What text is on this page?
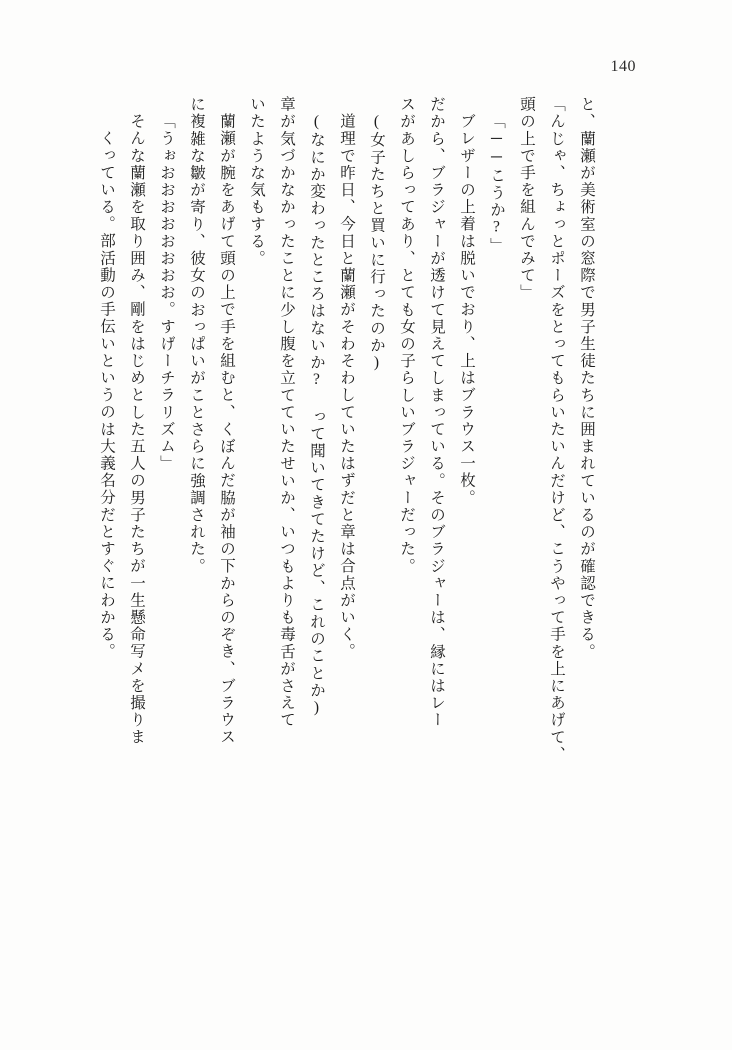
140
くっている。部活動の手伝いというのは大義名分だとすぐにわかる。 そんな蘭瀬を取り囲み、剛をはじめとした五人の男子たちが一生懸命写メを撮りま 「うぉおおおおおおおお。すげーチラリズム」 に複雑な皺が寄り、彼女のおっぱいがことさらに強調された。 蘭瀬が腕をあげて頭の上で手を組むと、くぼんだ脇が袖の下からのぞき、ブラウス いたような気もする。 章が気づかなかったことに少し腹を立てていたせいか、いつもよりも毒舌がさえて (なにか変わったところはないか? って聞いてきてたけど、これのことか) 道理で昨日、今日と蘭瀬がそわそわしていたはずだと章は合点がいく。 (女子たちと買いに行ったのか) スがあしらってあり、とても女の子らしいブラジャーだった。 だから、ブラジャーが透けて見えてしまっている。そのブラジャーは、縁にはレー ブレザーの上着は脱いでおり、上はブラウス一枚。 「──こうか?」 頭の上で手を組んでみて」 「んじゃ、ちょっとポーズをとってもらいたいんだけど、こうやって手を上にあげて、 と、蘭瀬が美術室の窓際で男子生徒たちに囲まれているのが確認できる。
